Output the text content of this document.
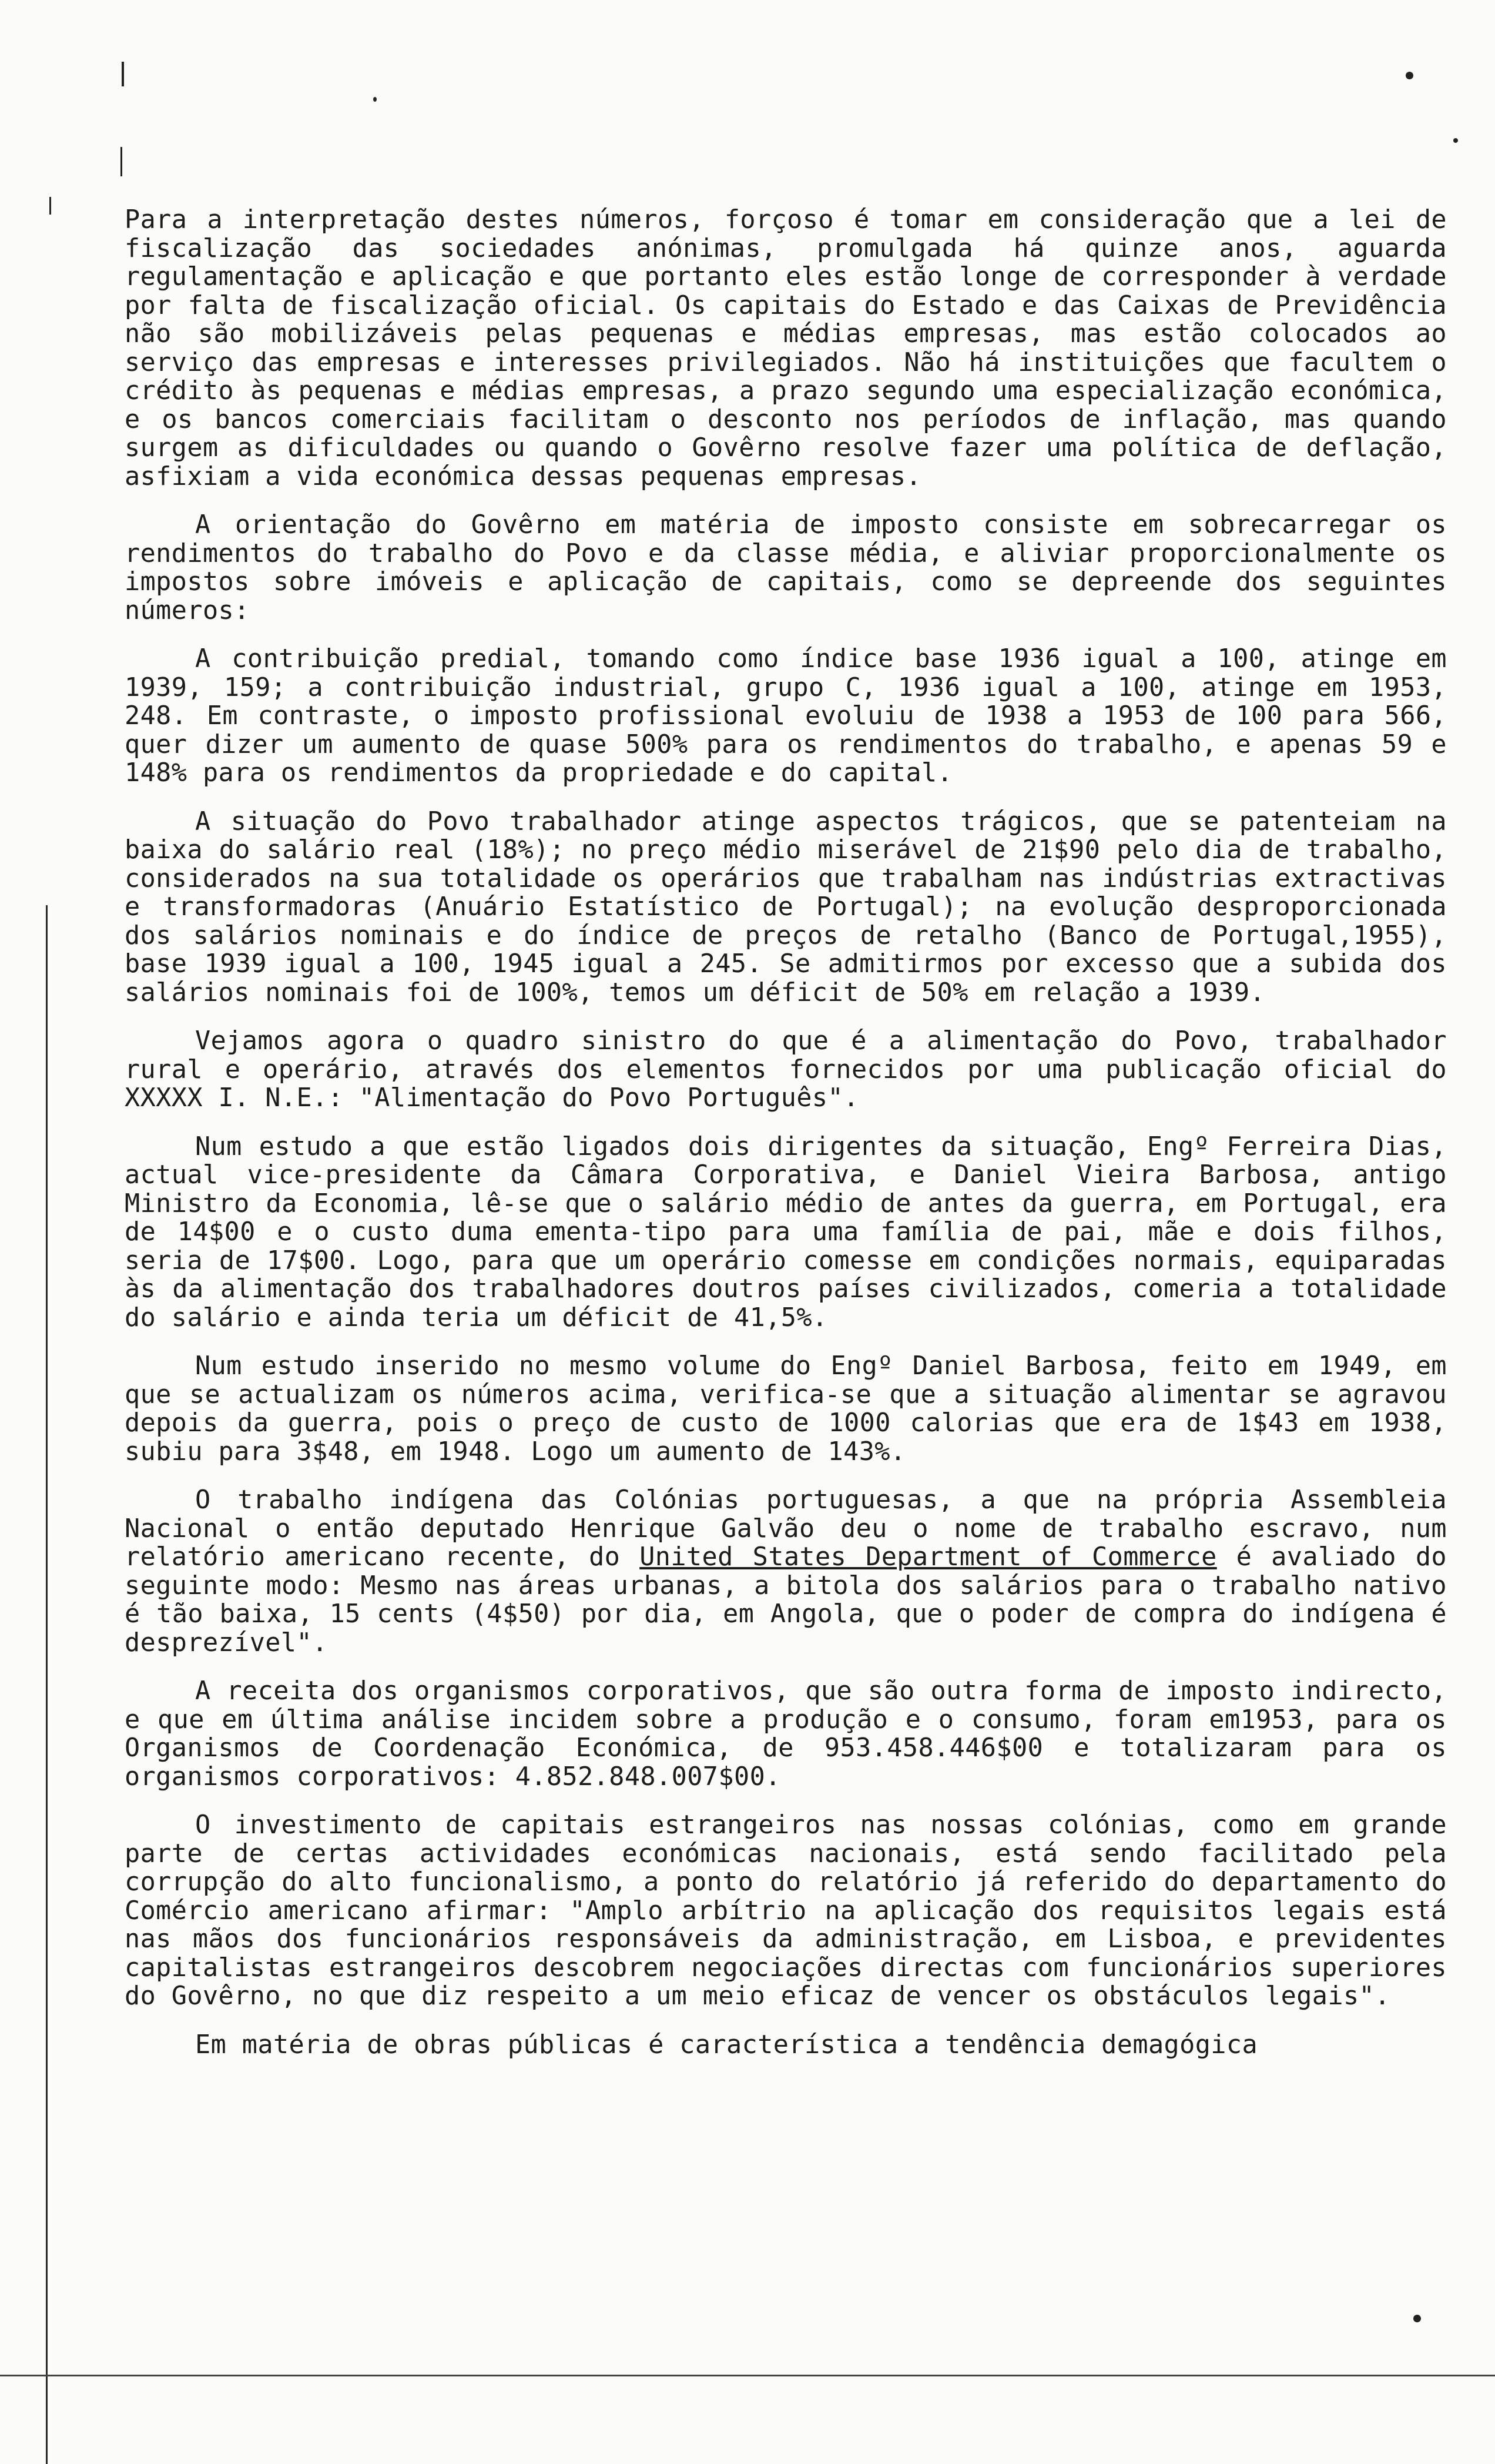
Para a interpretação destes números, forçoso é tomar em consideração que a lei de fiscalização das sociedades anónimas, promulgada há quinze anos, aguarda regulamentação e aplicação e que portanto eles estão longe de corresponder à verdade por falta de fiscalização oficial. Os capitais do Estado e das Caixas de Previdência não são mobilizáveis pelas pequenas e médias empresas, mas estão colocados ao serviço das empresas e interesses privilegiados. Não há instituições que facultem o crédito às pequenas e médias empresas, a prazo segundo uma especialização económica, e os bancos comerciais facilitam o desconto nos períodos de inflação, mas quando surgem as dificuldades ou quando o Govêrno resolve fazer uma política de deflação, asfixiam a vida económica dessas pequenas empresas.

A orientação do Govêrno em matéria de imposto consiste em sobrecarregar os rendimentos do trabalho do Povo e da classe média, e aliviar proporcionalmente os impostos sobre imóveis e aplicação de capitais, como se depreende dos seguintes números:

A contribuição predial, tomando como índice base 1936 igual a 100, atinge em 1939, 159; a contribuição industrial, grupo C, 1936 igual a 100, atinge em 1953, 248. Em contraste, o imposto profissional evoluiu de 1938 a 1953 de 100 para 566, quer dizer um aumento de quase 500% para os rendimentos do trabalho, e apenas 59 e 148% para os rendimentos da propriedade e do capital.

A situação do Povo trabalhador atinge aspectos trágicos, que se patenteiam na baixa do salário real (18%); no preço médio miserável de 21$90 pelo dia de trabalho, considerados na sua totalidade os operários que trabalham nas indústrias extractivas e transformadoras (Anuário Estatístico de Portugal); na evolução desproporcionada dos salários nominais e do índice de preços de retalho (Banco de Portugal,1955), base 1939 igual a 100, 1945 igual a 245. Se admitirmos por excesso que a subida dos salários nominais foi de 100%, temos um déficit de 50% em relação a 1939.

Vejamos agora o quadro sinistro do que é a alimentação do Povo, trabalhador rural e operário, através dos elementos fornecidos por uma publicação oficial do XXXXX I. N.E.: "Alimentação do Povo Português".

Num estudo a que estão ligados dois dirigentes da situação, Engº Ferreira Dias, actual vice-presidente da Câmara Corporativa, e Daniel Vieira Barbosa, antigo Ministro da Economia, lê-se que o salário médio de antes da guerra, em Portugal, era de 14$00 e o custo duma ementa-tipo para uma família de pai, mãe e dois filhos, seria de 17$00. Logo, para que um operário comesse em condições normais, equiparadas às da alimentação dos trabalhadores doutros países civilizados, comeria a totalidade do salário e ainda teria um déficit de 41,5%.

Num estudo inserido no mesmo volume do Engº Daniel Barbosa, feito em 1949, em que se actualizam os números acima, verifica-se que a situação alimentar se agravou depois da guerra, pois o preço de custo de 1000 calorias que era de 1$43 em 1938, subiu para 3$48, em 1948. Logo um aumento de 143%.

O trabalho indígena das Colónias portuguesas, a que na própria Assembleia Nacional o então deputado Henrique Galvão deu o nome de trabalho escravo, num relatório americano recente, do United States Department of Commerce é avaliado do seguinte modo: Mesmo nas áreas urbanas, a bitola dos salários para o trabalho nativo é tão baixa, 15 cents (4$50) por dia, em Angola, que o poder de compra do indígena é desprezível".

A receita dos organismos corporativos, que são outra forma de imposto indirecto, e que em última análise incidem sobre a produção e o consumo, foram em1953, para os Organismos de Coordenação Económica, de 953.458.446$00 e totalizaram para os organismos corporativos: 4.852.848.007$00.

O investimento de capitais estrangeiros nas nossas colónias, como em grande parte de certas actividades económicas nacionais, está sendo facilitado pela corrupção do alto funcionalismo, a ponto do relatório já referido do departamento do Comércio americano afirmar: "Amplo arbítrio na aplicação dos requisitos legais está nas mãos dos funcionários responsáveis da administração, em Lisboa, e previdentes capitalistas estrangeiros descobrem negociações directas com funcionários superiores do Govêrno, no que diz respeito a um meio eficaz de vencer os obstáculos legais".

Em matéria de obras públicas é característica a tendência demagógica
